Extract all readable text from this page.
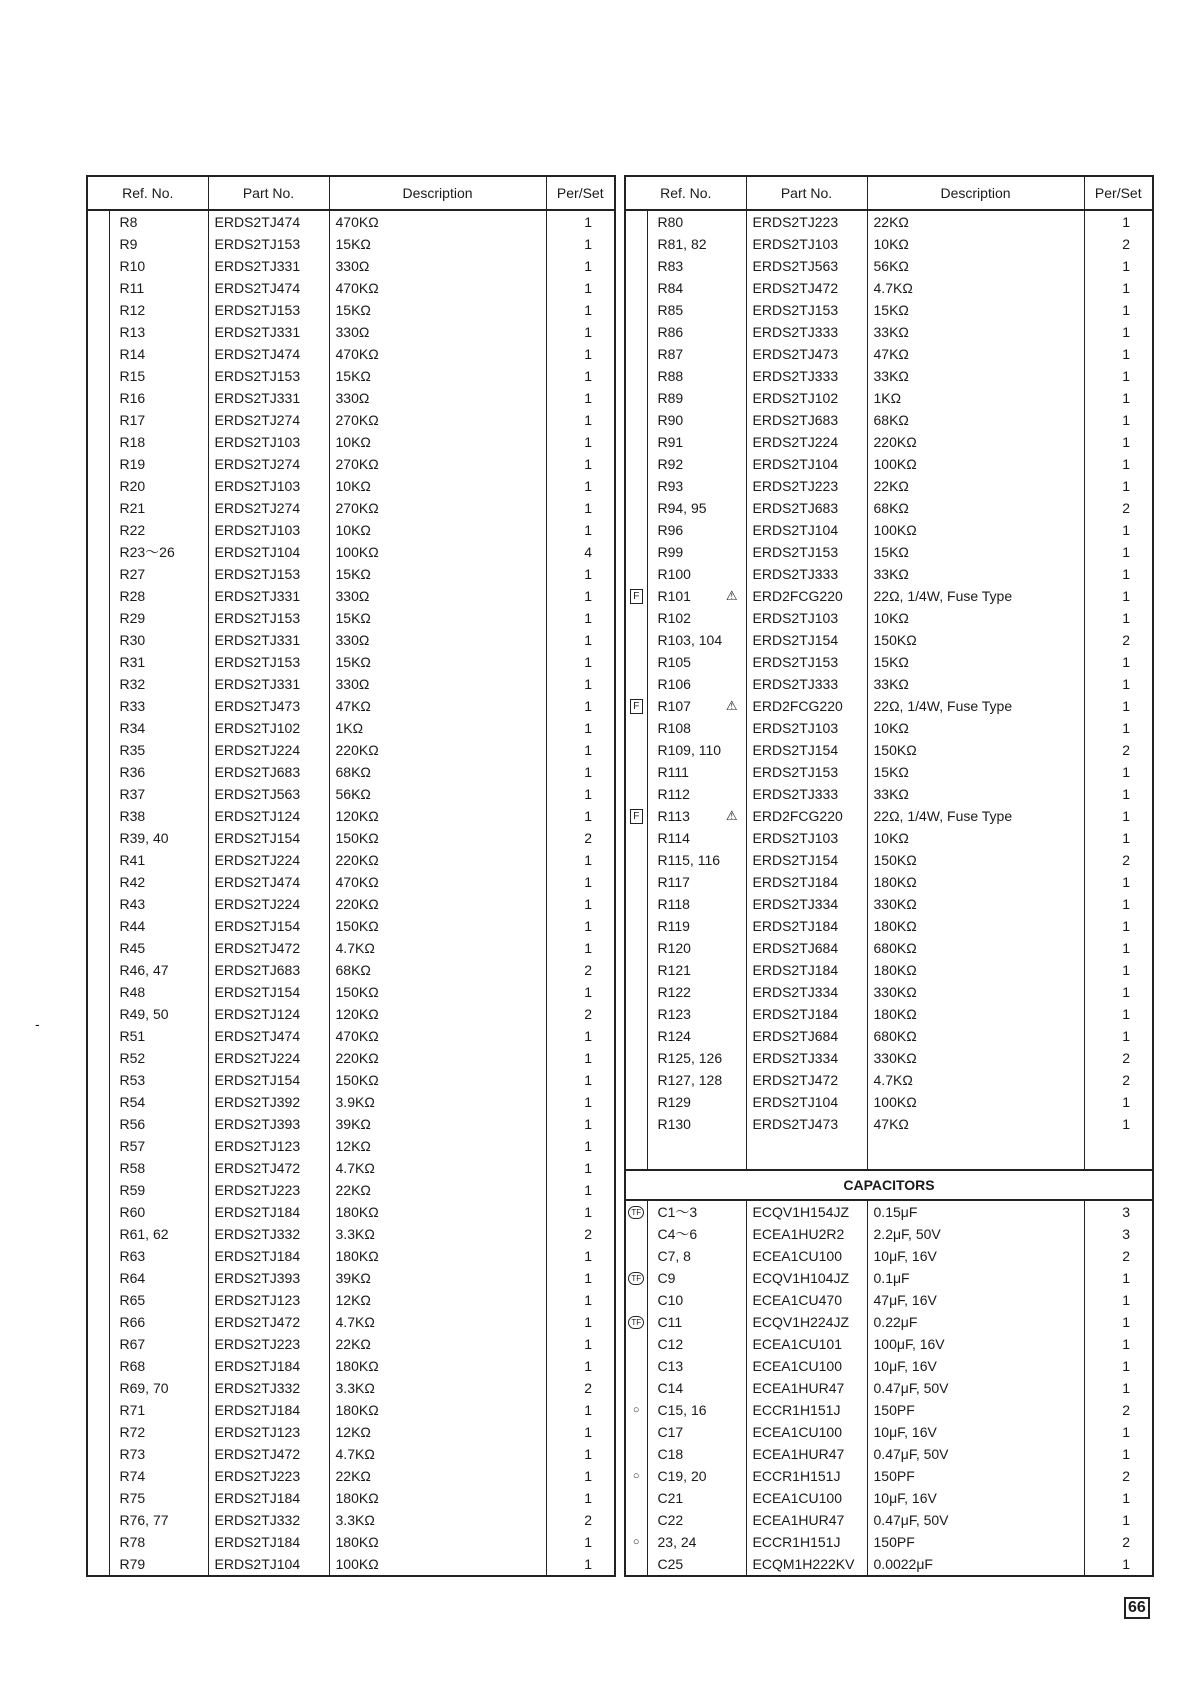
Ref. No.		Part No.	Description	Per/Set
	R8	ERDS2TJ474	470KΩ	1
	R9	ERDS2TJ153	15KΩ	1
	R10	ERDS2TJ331	330Ω	1
	R11	ERDS2TJ474	470KΩ	1
	R12	ERDS2TJ153	15KΩ	1
	R13	ERDS2TJ331	330Ω	1
	R14	ERDS2TJ474	470KΩ	1
	R15	ERDS2TJ153	15KΩ	1
	R16	ERDS2TJ331	330Ω	1
	R17	ERDS2TJ274	270KΩ	1
	R18	ERDS2TJ103	10KΩ	1
	R19	ERDS2TJ274	270KΩ	1
	R20	ERDS2TJ103	10KΩ	1
	R21	ERDS2TJ274	270KΩ	1
	R22	ERDS2TJ103	10KΩ	1
	R23～26	ERDS2TJ104	100KΩ	4
	R27	ERDS2TJ153	15KΩ	1
	R28	ERDS2TJ331	330Ω	1
	R29	ERDS2TJ153	15KΩ	1
	R30	ERDS2TJ331	330Ω	1
	R31	ERDS2TJ153	15KΩ	1
	R32	ERDS2TJ331	330Ω	1
	R33	ERDS2TJ473	47KΩ	1
	R34	ERDS2TJ102	1KΩ	1
	R35	ERDS2TJ224	220KΩ	1
	R36	ERDS2TJ683	68KΩ	1
	R37	ERDS2TJ563	56KΩ	1
	R38	ERDS2TJ124	120KΩ	1
	R39, 40	ERDS2TJ154	150KΩ	2
	R41	ERDS2TJ224	220KΩ	1
	R42	ERDS2TJ474	470KΩ	1
	R43	ERDS2TJ224	220KΩ	1
	R44	ERDS2TJ154	150KΩ	1
	R45	ERDS2TJ472	4.7KΩ	1
	R46, 47	ERDS2TJ683	68KΩ	2
	R48	ERDS2TJ154	150KΩ	1
	R49, 50	ERDS2TJ124	120KΩ	2
	R51	ERDS2TJ474	470KΩ	1
	R52	ERDS2TJ224	220KΩ	1
	R53	ERDS2TJ154	150KΩ	1
	R54	ERDS2TJ392	3.9KΩ	1
	R56	ERDS2TJ393	39KΩ	1
	R57	ERDS2TJ123	12KΩ	1
	R58	ERDS2TJ472	4.7KΩ	1
	R59	ERDS2TJ223	22KΩ	1
	R60	ERDS2TJ184	180KΩ	1
	R61, 62	ERDS2TJ332	3.3KΩ	2
	R63	ERDS2TJ184	180KΩ	1
	R64	ERDS2TJ393	39KΩ	1
	R65	ERDS2TJ123	12KΩ	1
	R66	ERDS2TJ472	4.7KΩ	1
	R67	ERDS2TJ223	22KΩ	1
	R68	ERDS2TJ184	180KΩ	1
	R69, 70	ERDS2TJ332	3.3KΩ	2
	R71	ERDS2TJ184	180KΩ	1
	R72	ERDS2TJ123	12KΩ	1
	R73	ERDS2TJ472	4.7KΩ	1
	R74	ERDS2TJ223	22KΩ	1
	R75	ERDS2TJ184	180KΩ	1
	R76, 77	ERDS2TJ332	3.3KΩ	2
	R78	ERDS2TJ184	180KΩ	1
	R79	ERDS2TJ104	100KΩ	1
Ref. No.		Part No.	Description	Per/Set
	R80	ERDS2TJ223	22KΩ	1
	R81, 82	ERDS2TJ103	10KΩ	2
	R83	ERDS2TJ563	56KΩ	1
	R84	ERDS2TJ472	4.7KΩ	1
	R85	ERDS2TJ153	15KΩ	1
	R86	ERDS2TJ333	33KΩ	1
	R87	ERDS2TJ473	47KΩ	1
	R88	ERDS2TJ333	33KΩ	1
	R89	ERDS2TJ102	1KΩ	1
	R90	ERDS2TJ683	68KΩ	1
	R91	ERDS2TJ224	220KΩ	1
	R92	ERDS2TJ104	100KΩ	1
	R93	ERDS2TJ223	22KΩ	1
	R94, 95	ERDS2TJ683	68KΩ	2
	R96	ERDS2TJ104	100KΩ	1
	R99	ERDS2TJ153	15KΩ	1
	R100	ERDS2TJ333	33KΩ	1
F	R101 ⚠	ERD2FCG220	22Ω, 1/4W, Fuse Type	1
	R102	ERDS2TJ103	10KΩ	1
	R103, 104	ERDS2TJ154	150KΩ	2
	R105	ERDS2TJ153	15KΩ	1
	R106	ERDS2TJ333	33KΩ	1
F	R107 ⚠	ERD2FCG220	22Ω, 1/4W, Fuse Type	1
	R108	ERDS2TJ103	10KΩ	1
	R109, 110	ERDS2TJ154	150KΩ	2
	R111	ERDS2TJ153	15KΩ	1
	R112	ERDS2TJ333	33KΩ	1
F	R113 ⚠	ERD2FCG220	22Ω, 1/4W, Fuse Type	1
	R114	ERDS2TJ103	10KΩ	1
	R115, 116	ERDS2TJ154	150KΩ	2
	R117	ERDS2TJ184	180KΩ	1
	R118	ERDS2TJ334	330KΩ	1
	R119	ERDS2TJ184	180KΩ	1
	R120	ERDS2TJ684	680KΩ	1
	R121	ERDS2TJ184	180KΩ	1
	R122	ERDS2TJ334	330KΩ	1
	R123	ERDS2TJ184	180KΩ	1
	R124	ERDS2TJ684	680KΩ	1
	R125, 126	ERDS2TJ334	330KΩ	2
	R127, 128	ERDS2TJ472	4.7KΩ	2
	R129	ERDS2TJ104	100KΩ	1
	R130	ERDS2TJ473	47KΩ	1

CAPACITORS				
TF	C1～3	ECQV1H154JZ	0.15μF	3
	C4～6	ECEA1HU2R2	2.2μF, 50V	3
	C7, 8	ECEA1CU100	10μF, 16V	2
TF	C9	ECQV1H104JZ	0.1μF	1
	C10	ECEA1CU470	47μF, 16V	1
TF	C11	ECQV1H224JZ	0.22μF	1
	C12	ECEA1CU101	100μF, 16V	1
	C13	ECEA1CU100	10μF, 16V	1
	C14	ECEA1HUR47	0.47μF, 50V	1
○	C15, 16	ECCR1H151J	150PF	2
	C17	ECEA1CU100	10μF, 16V	1
	C18	ECEA1HUR47	0.47μF, 50V	1
○	C19, 20	ECCR1H151J	150PF	2
	C21	ECEA1CU100	10μF, 16V	1
	C22	ECEA1HUR47	0.47μF, 50V	1
○	23, 24	ECCR1H151J	150PF	2
	C25	ECQM1H222KV	0.0022μF	1
-
66
